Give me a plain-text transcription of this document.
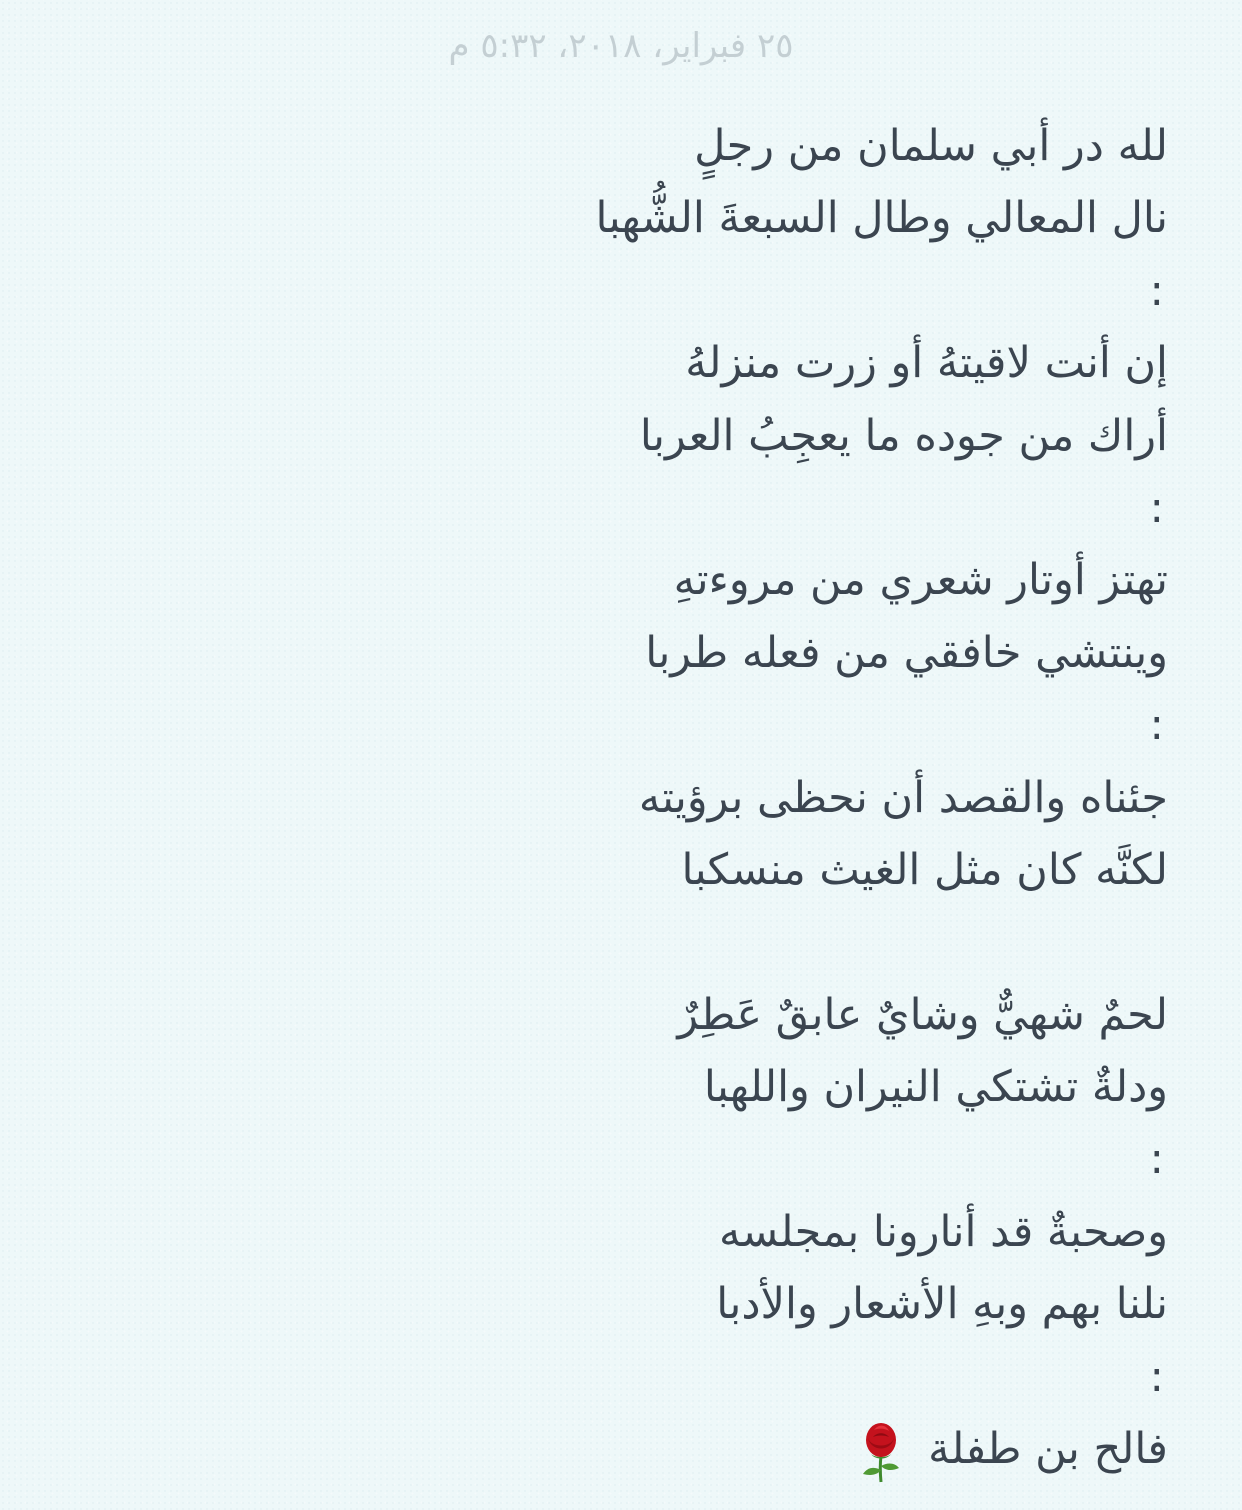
٢٥ فبراير، ٢٠١٨، ٥:٣٢ م
لله در أبي سلمان من رجلٍ
نال المعالي وطال السبعةَ الشُّهبا
:
إن أنت لاقيتهُ أو زرت منزلهُ
أراك من جوده ما يعجِبُ العربا
:
تهتز أوتار شعري من مروءتهِ
وينتشي خافقي من فعله طربا
:
جئناه والقصد أن نحظى برؤيته
لكنَّه كان مثل الغيث منسكبا
لحمٌ شهيٌّ وشايٌ عابقٌ عَطِرٌ
ودلةٌ تشتكي النيران واللهبا
:
وصحبةٌ قد أنارونا بمجلسه
نلنا بهم وبهِ الأشعار والأدبا
:
فالح بن طفلة
